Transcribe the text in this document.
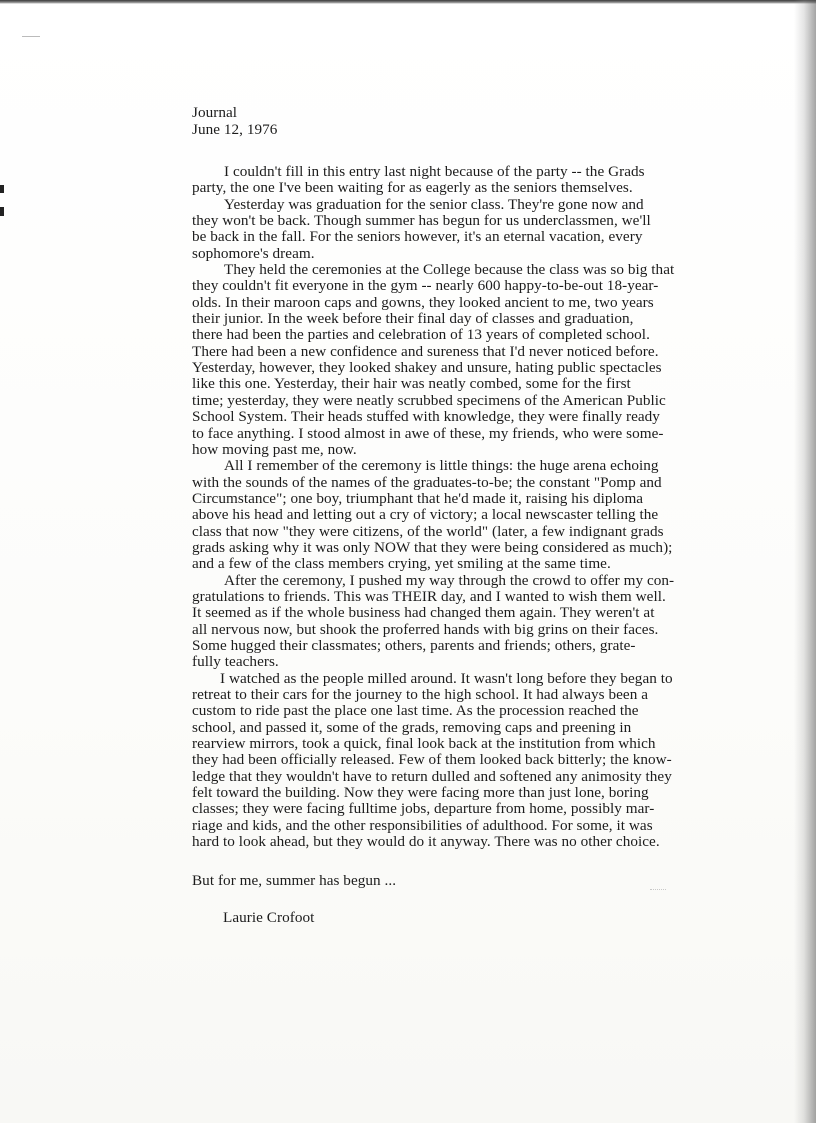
Journal
June 12, 1976
I couldn't fill in this entry last night because of the party -- the Grads
party, the one I've been waiting for as eagerly as the seniors themselves.
Yesterday was graduation for the senior class. They're gone now and
they won't be back. Though summer has begun for us underclassmen, we'll
be back in the fall. For the seniors however, it's an eternal vacation, every
sophomore's dream.
They held the ceremonies at the College because the class was so big that
they couldn't fit everyone in the gym -- nearly 600 happy-to-be-out 18-year-
olds. In their maroon caps and gowns, they looked ancient to me, two years
their junior. In the week before their final day of classes and graduation,
there had been the parties and celebration of 13 years of completed school.
There had been a new confidence and sureness that I'd never noticed before.
Yesterday, however, they looked shakey and unsure, hating public spectacles
like this one. Yesterday, their hair was neatly combed, some for the first
time; yesterday, they were neatly scrubbed specimens of the American Public
School System. Their heads stuffed with knowledge, they were finally ready
to face anything. I stood almost in awe of these, my friends, who were some-
how moving past me, now.
All I remember of the ceremony is little things: the huge arena echoing
with the sounds of the names of the graduates-to-be; the constant "Pomp and
Circumstance"; one boy, triumphant that he'd made it, raising his diploma
above his head and letting out a cry of victory; a local newscaster telling the
class that now "they were citizens, of the world" (later, a few indignant grads
grads asking why it was only NOW that they were being considered as much);
and a few of the class members crying, yet smiling at the same time.
After the ceremony, I pushed my way through the crowd to offer my con-
gratulations to friends. This was THEIR day, and I wanted to wish them well.
It seemed as if the whole business had changed them again. They weren't at
all nervous now, but shook the proferred hands with big grins on their faces.
Some hugged their classmates; others, parents and friends; others, grate-
fully teachers.
I watched as the people milled around. It wasn't long before they began to
retreat to their cars for the journey to the high school. It had always been a
custom to ride past the place one last time. As the procession reached the
school, and passed it, some of the grads, removing caps and preening in
rearview mirrors, took a quick, final look back at the institution from which
they had been officially released. Few of them looked back bitterly; the know-
ledge that they wouldn't have to return dulled and softened any animosity they
felt toward the building. Now they were facing more than just lone, boring
classes; they were facing fulltime jobs, departure from home, possibly mar-
riage and kids, and the other responsibilities of adulthood. For some, it was
hard to look ahead, but they would do it anyway. There was no other choice.
But for me, summer has begun ...
Laurie Crofoot
